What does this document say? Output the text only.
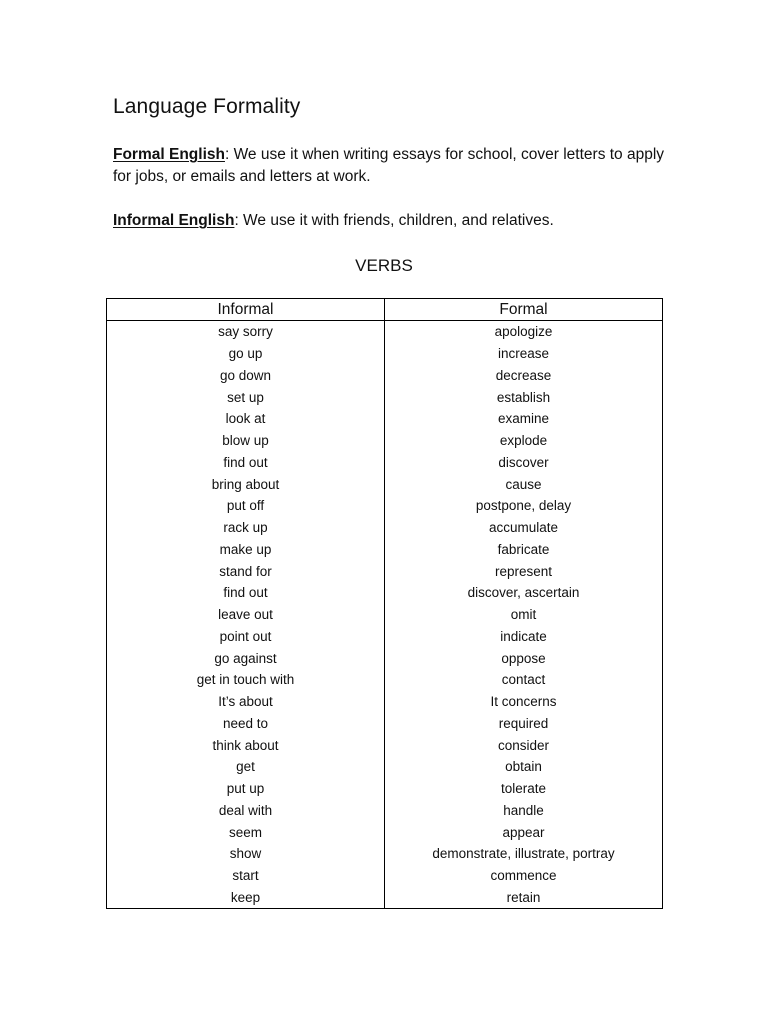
Language Formality

Formal English: We use it when writing essays for school, cover letters to apply for jobs, or emails and letters at work.

Informal English: We use it with friends, children, and relatives.

VERBS
Informal	Formal
say sorry	apologize
go up	increase
go down	decrease
set up	establish
look at	examine
blow up	explode
find out	discover
bring about	cause
put off	postpone, delay
rack up	accumulate
make up	fabricate
stand for	represent
find out	discover, ascertain
leave out	omit
point out	indicate
go against	oppose
get in touch with	contact
It’s about	It concerns
need to	required
think about	consider
get	obtain
put up	tolerate
deal with	handle
seem	appear
show	demonstrate, illustrate, portray
start	commence
keep	retain
